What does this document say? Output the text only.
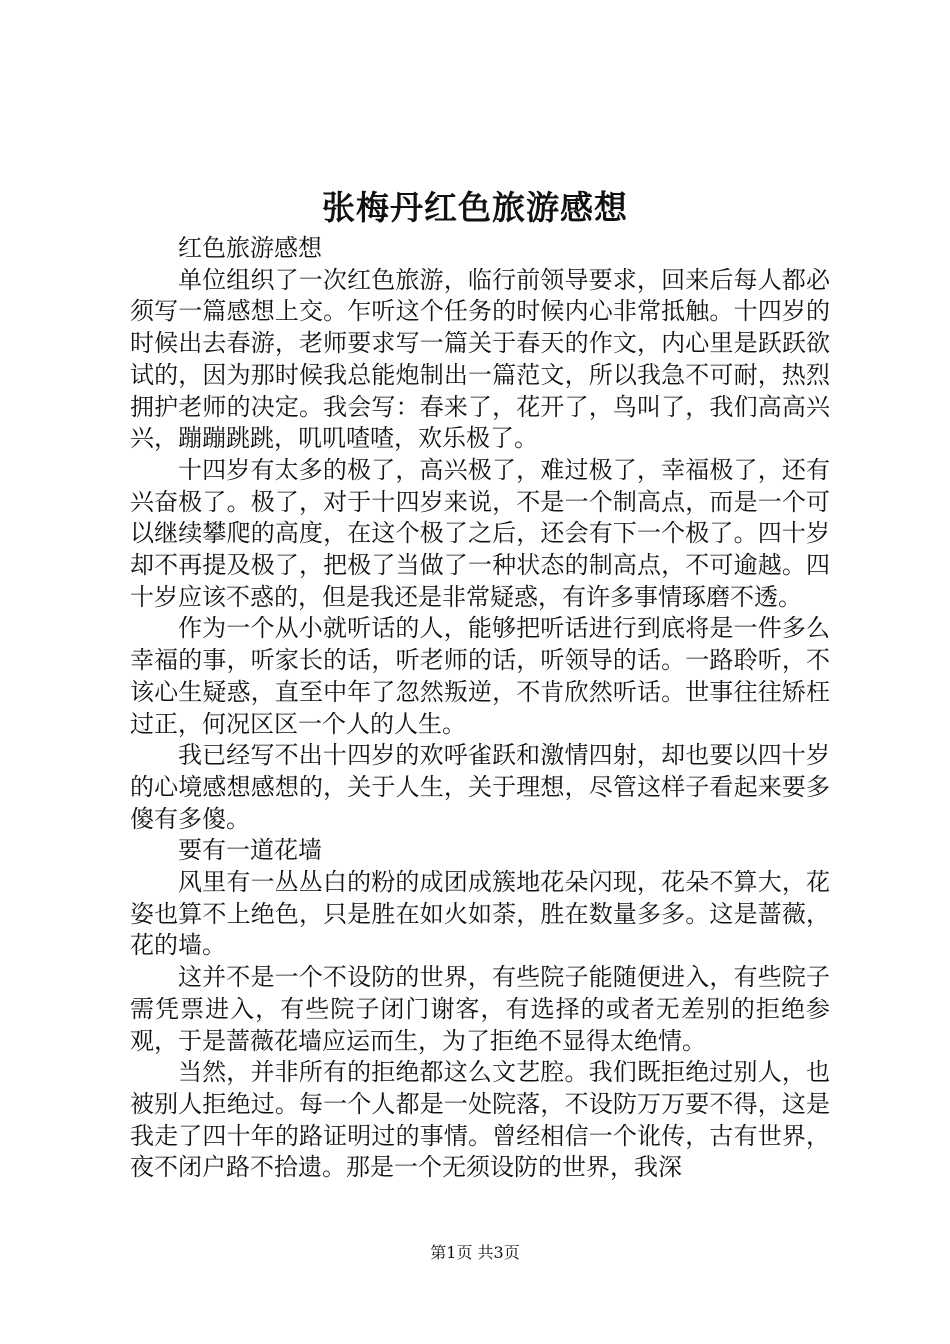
张梅丹红色旅游感想

红色旅游感想

单位组织了一次红色旅游，临行前领导要求，回来后每人都必须写一篇感想上交。乍听这个任务的时候内心非常抵触。十四岁的时候出去春游，老师要求写一篇关于春天的作文，内心里是跃跃欲试的，因为那时候我总能炮制出一篇范文，所以我急不可耐，热烈拥护老师的决定。我会写：春来了，花开了，鸟叫了，我们高高兴兴，蹦蹦跳跳，叽叽喳喳，欢乐极了。

十四岁有太多的极了，高兴极了，难过极了，幸福极了，还有兴奋极了。极了，对于十四岁来说，不是一个制高点，而是一个可以继续攀爬的高度，在这个极了之后，还会有下一个极了。四十岁却不再提及极了，把极了当做了一种状态的制高点，不可逾越。四十岁应该不惑的，但是我还是非常疑惑，有许多事情琢磨不透。

作为一个从小就听话的人，能够把听话进行到底将是一件多么幸福的事，听家长的话，听老师的话，听领导的话。一路聆听，不该心生疑惑，直至中年了忽然叛逆，不肯欣然听话。世事往往矫枉过正，何况区区一个人的人生。

我已经写不出十四岁的欢呼雀跃和激情四射，却也要以四十岁的心境感想感想的，关于人生，关于理想，尽管这样子看起来要多傻有多傻。

要有一道花墙

风里有一丛丛白的粉的成团成簇地花朵闪现，花朵不算大，花姿也算不上绝色，只是胜在如火如荼，胜在数量多多。这是蔷薇，花的墙。

这并不是一个不设防的世界，有些院子能随便进入，有些院子需凭票进入，有些院子闭门谢客，有选择的或者无差别的拒绝参观，于是蔷薇花墙应运而生，为了拒绝不显得太绝情。

当然，并非所有的拒绝都这么文艺腔。我们既拒绝过别人，也被别人拒绝过。每一个人都是一处院落，不设防万万要不得，这是我走了四十年的路证明过的事情。曾经相信一个讹传，古有世界，夜不闭户路不拾遗。那是一个无须设防的世界，我深

第1页 共3页
